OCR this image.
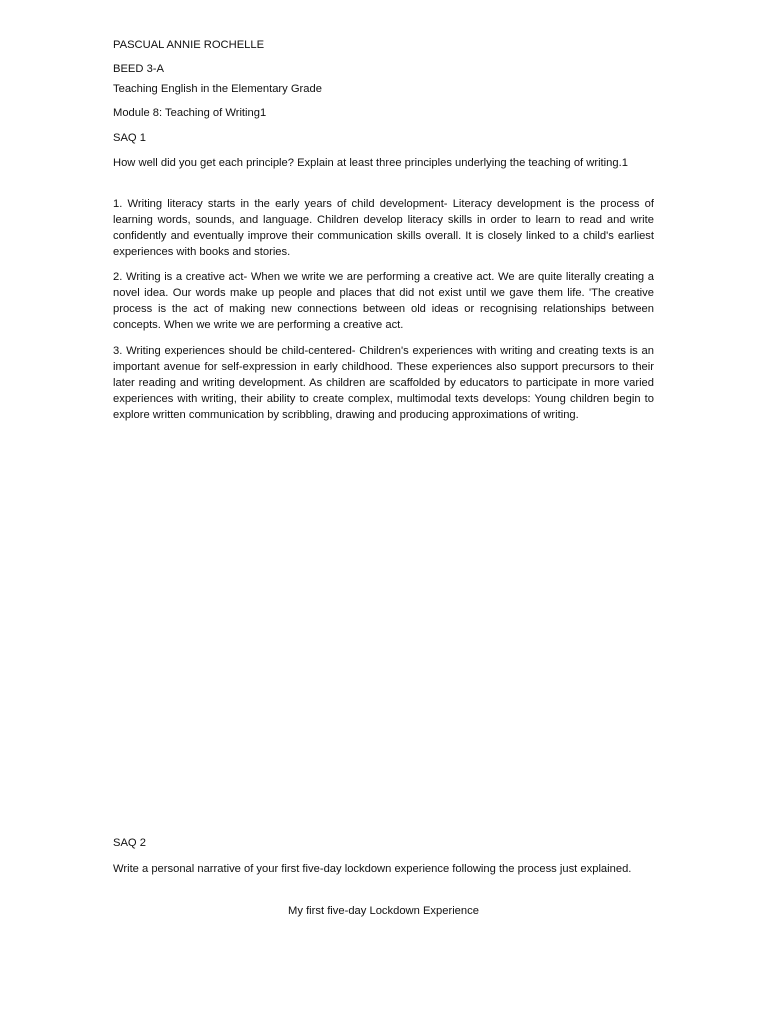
PASCUAL ANNIE ROCHELLE

BEED 3-A

Teaching English in the Elementary Grade

Module 8: Teaching of Writing1

SAQ 1

How well did you get each principle? Explain at least three principles underlying the teaching of writing.1

1. Writing literacy starts in the early years of child development- Literacy development is the process of learning words, sounds, and language. Children develop literacy skills in order to learn to read and write confidently and eventually improve their communication skills overall. It is closely linked to a child's earliest experiences with books and stories.

2. Writing is a creative act- When we write we are performing a creative act. We are quite literally creating a novel idea. Our words make up people and places that did not exist until we gave them life. 'The creative process is the act of making new connections between old ideas or recognising relationships between concepts. When we write we are performing a creative act.

3. Writing experiences should be child-centered- Children's experiences with writing and creating texts is an important avenue for self-expression in early childhood. These experiences also support precursors to their later reading and writing development. As children are scaffolded by educators to participate in more varied experiences with writing, their ability to create complex, multimodal texts develops: Young children begin to explore written communication by scribbling, drawing and producing approximations of writing.

SAQ 2

Write a personal narrative of your first five-day lockdown experience following the process just explained.

My first five-day Lockdown Experience
